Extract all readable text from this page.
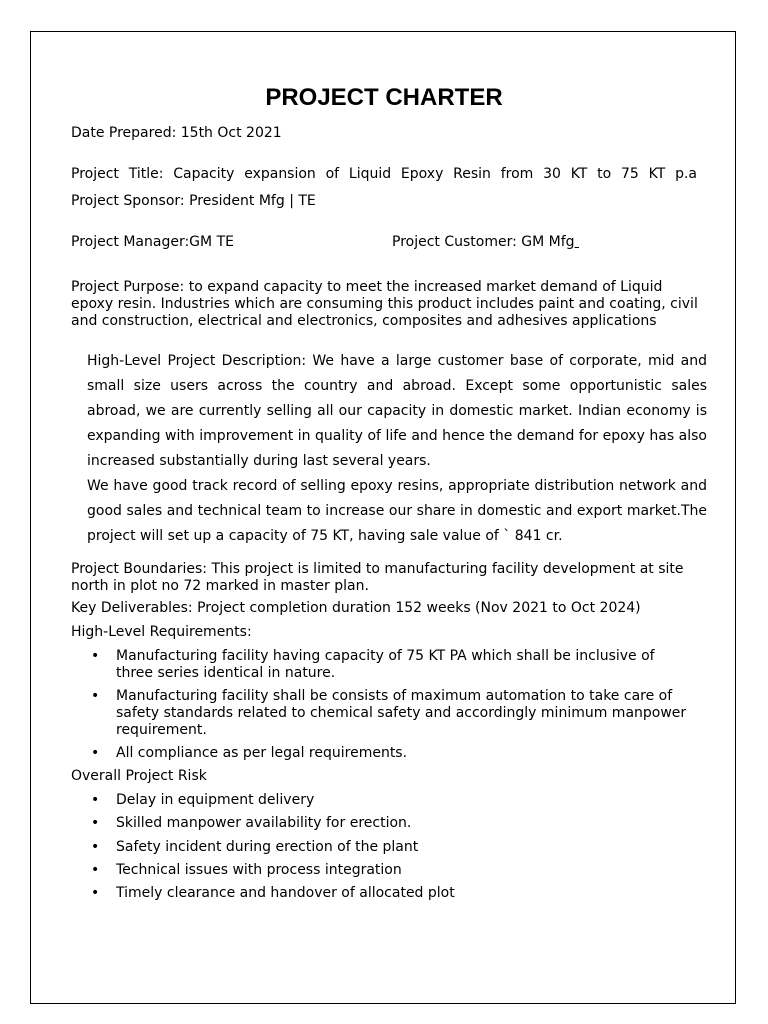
PROJECT CHARTER
Date Prepared: 15th Oct 2021
Project Title: Capacity expansion of Liquid Epoxy Resin from 30 KT to 75 KT p.a
Project Sponsor: President Mfg | TE
Project Manager:GM TE	Project Customer: GM Mfg
Project Purpose: to expand capacity to meet the increased market demand of Liquid epoxy resin. Industries which are consuming this product includes paint and coating, civil and construction, electrical and electronics, composites and adhesives applications

High-Level Project Description: We have a large customer base of corporate, mid and small size users across the country and abroad. Except some opportunistic sales abroad, we are currently selling all our capacity in domestic market. Indian economy is expanding with improvement in quality of life and hence the demand for epoxy has also increased substantially during last several years.

We have good track record of selling epoxy resins, appropriate distribution network and good sales and technical team to increase our share in domestic and export market.The project will set up a capacity of 75 KT, having sale value of ` 841 cr.

Project Boundaries: This project is limited to manufacturing facility development at site north in plot no 72 marked in master plan.
Key Deliverables: Project completion duration 152 weeks (Nov 2021 to Oct 2024)
High-Level Requirements:
• Manufacturing facility having capacity of 75 KT PA which shall be inclusive of three series identical in nature.
• Manufacturing facility shall be consists of maximum automation to take care of safety standards related to chemical safety and accordingly minimum manpower requirement.
• All compliance as per legal requirements.
Overall Project Risk
• Delay in equipment delivery
• Skilled manpower availability for erection.
• Safety incident during erection of the plant
• Technical issues with process integration
• Timely clearance and handover of allocated plot
